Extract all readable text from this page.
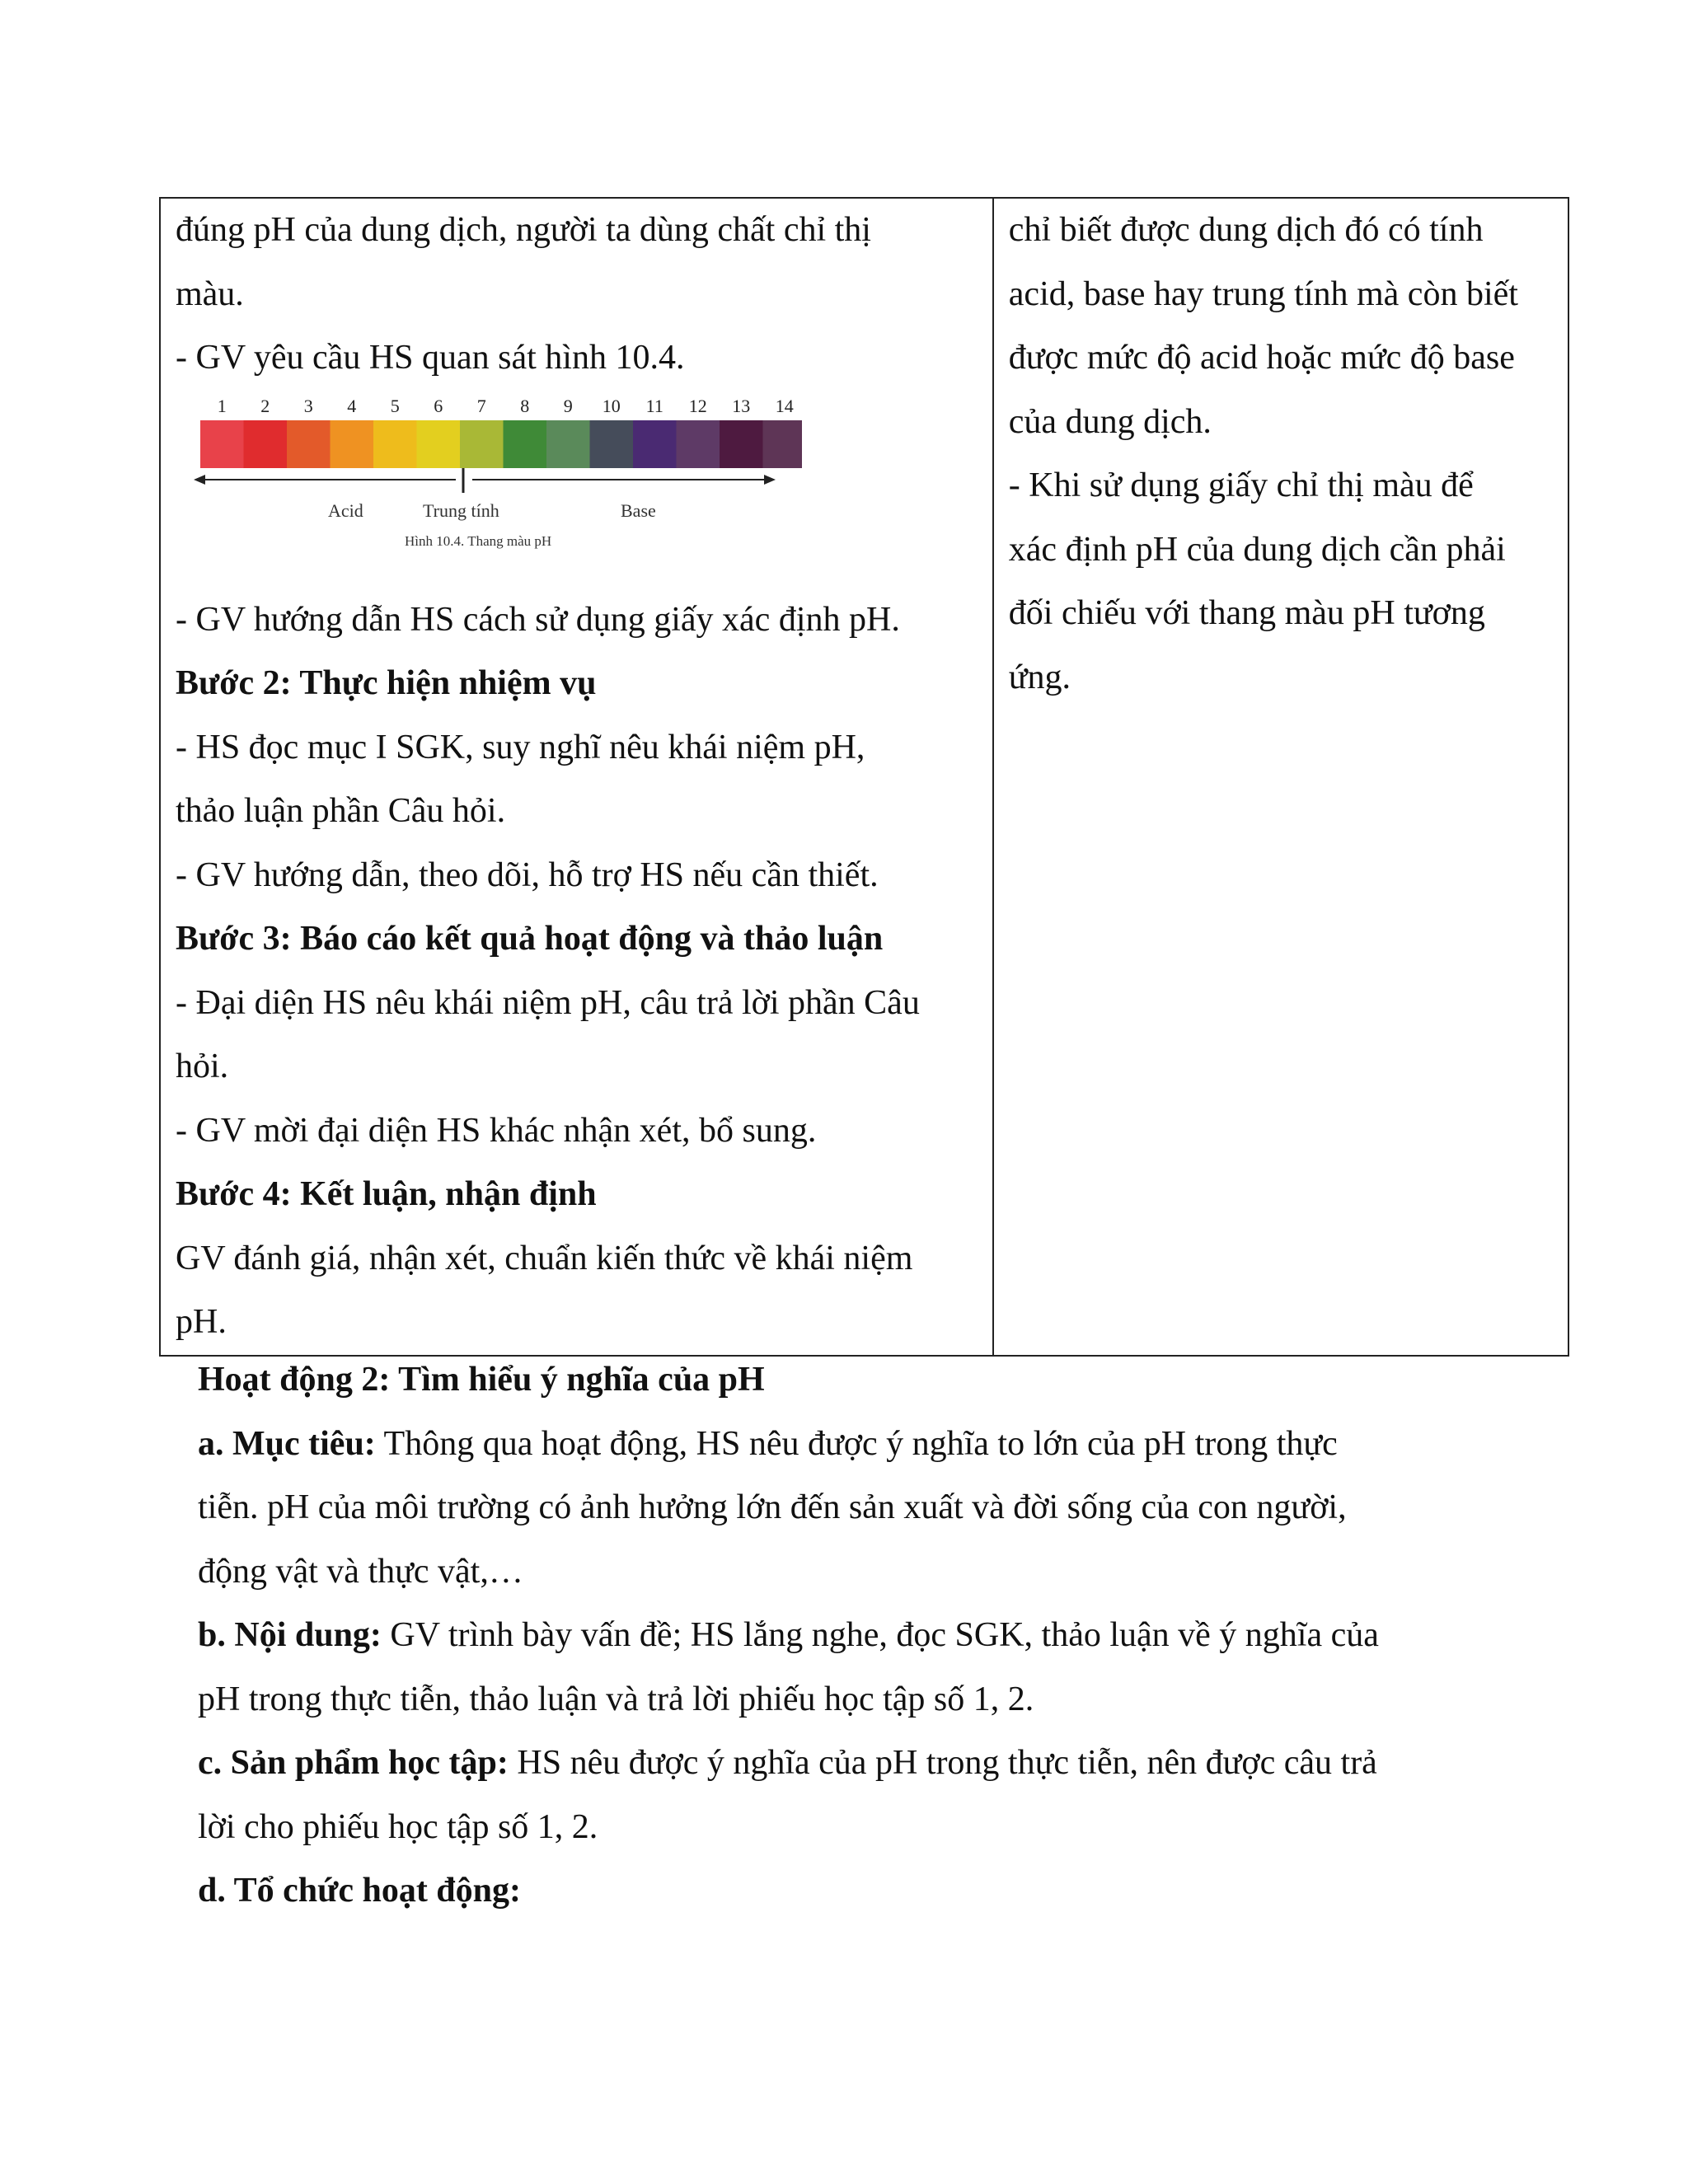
đúng pH của dung dịch, người ta dùng chất chỉ thị
màu.
- GV yêu cầu HS quan sát hình 10.4.
1 2 3 4 5 6 7 8 9 10 11 12 13 14
Acid	Trung tính	Base
Hình 10.4. Thang màu pH
- GV hướng dẫn HS cách sử dụng giấy xác định pH.
Bước 2: Thực hiện nhiệm vụ
- HS đọc mục I SGK, suy nghĩ nêu khái niệm pH,
thảo luận phần Câu hỏi.
- GV hướng dẫn, theo dõi, hỗ trợ HS nếu cần thiết.
Bước 3: Báo cáo kết quả hoạt động và thảo luận
- Đại diện HS nêu khái niệm pH, câu trả lời phần Câu
hỏi.
- GV mời đại diện HS khác nhận xét, bổ sung.
Bước 4: Kết luận, nhận định
GV đánh giá, nhận xét, chuẩn kiến thức về khái niệm
pH.

chỉ biết được dung dịch đó có tính
acid, base hay trung tính mà còn biết
được mức độ acid hoặc mức độ base
của dung dịch.
- Khi sử dụng giấy chỉ thị màu để
xác định pH của dung dịch cần phải
đối chiếu với thang màu pH tương
ứng.

Hoạt động 2: Tìm hiểu ý nghĩa của pH

a. Mục tiêu: Thông qua hoạt động, HS nêu được ý nghĩa to lớn của pH trong thực

tiễn. pH của môi trường có ảnh hưởng lớn đến sản xuất và đời sống của con người,

động vật và thực vật,…

b. Nội dung: GV trình bày vấn đề; HS lắng nghe, đọc SGK, thảo luận về ý nghĩa của

pH trong thực tiễn, thảo luận và trả lời phiếu học tập số 1, 2.

c. Sản phẩm học tập: HS nêu được ý nghĩa của pH trong thực tiễn, nên được câu trả

lời cho phiếu học tập số 1, 2.

d. Tổ chức hoạt động:
